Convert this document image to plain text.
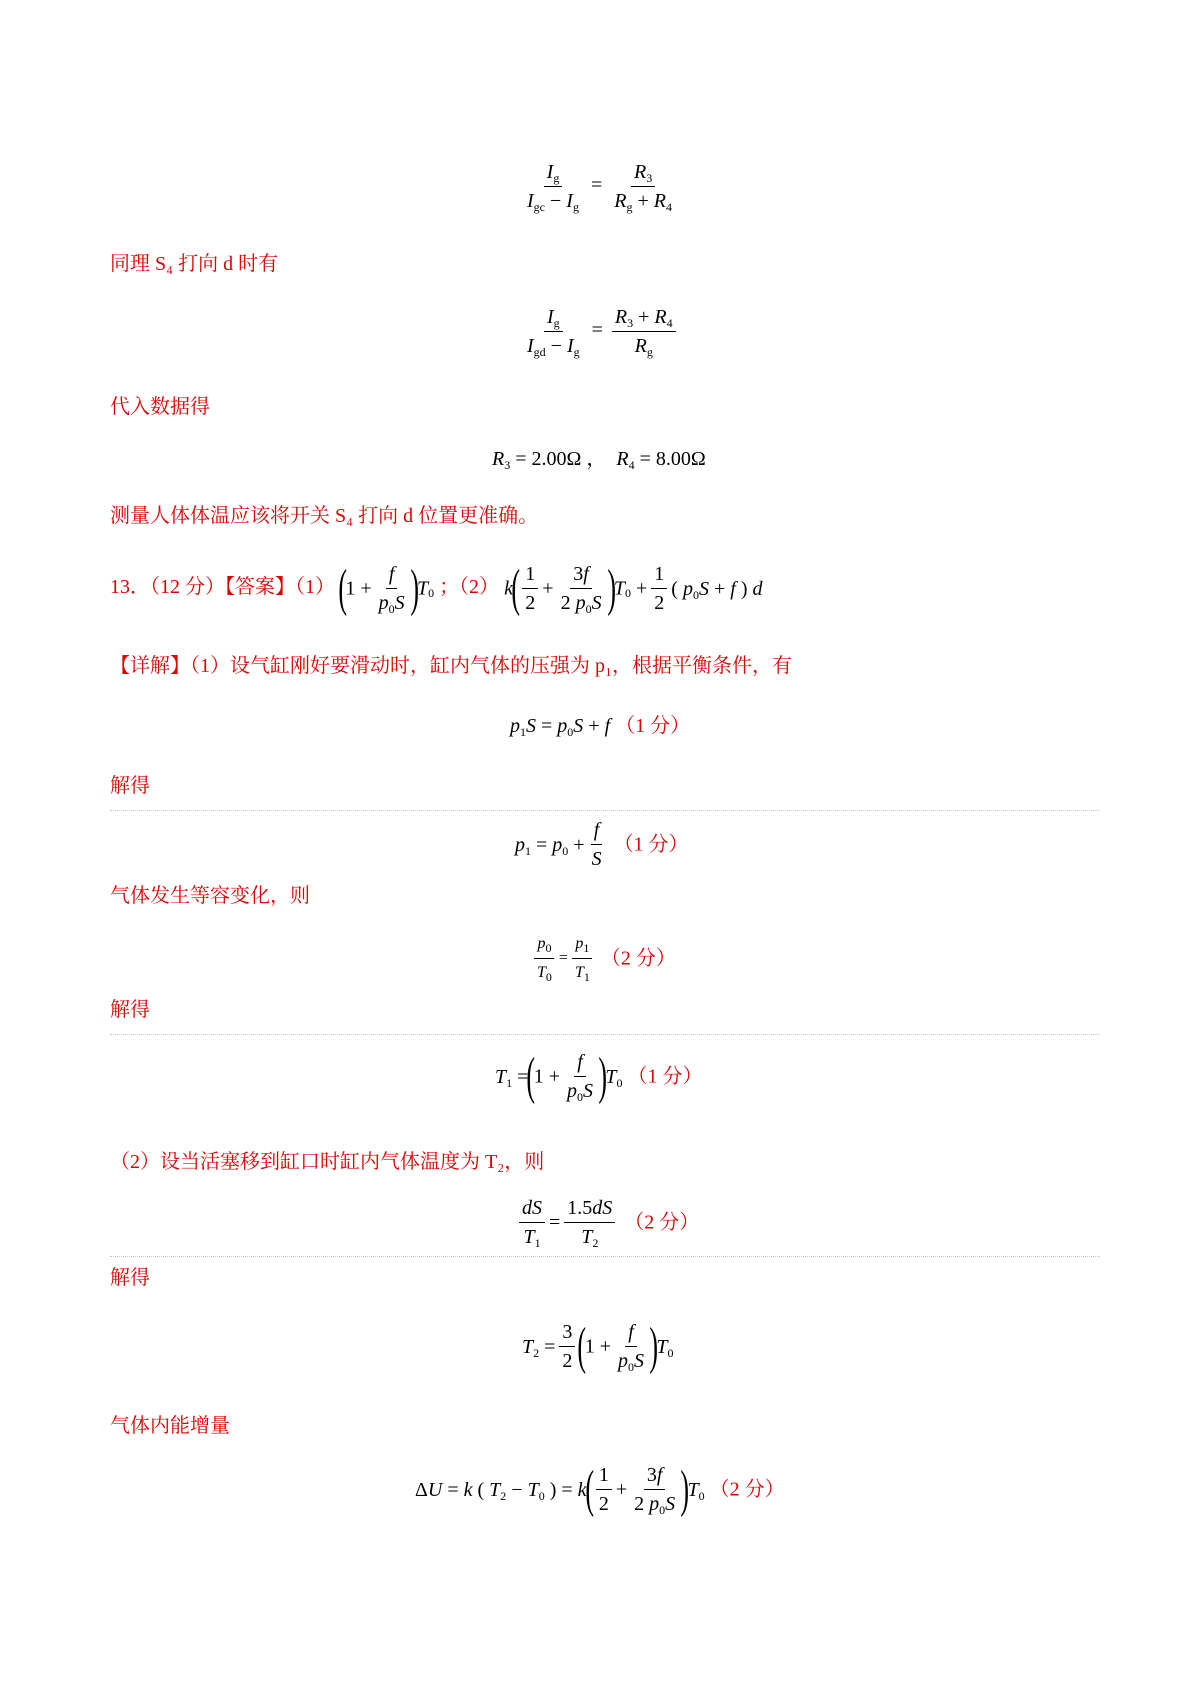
$\frac{I_g}{I_{gc} - I_g} = \frac{R_3}{R_g + R_4}$
同理 S₄ 打向 d 时有
$\frac{I_g}{I_{gd} - I_g} = \frac{R_3 + R_4}{R_g}$
代入数据得
$R_3 = 2.00\Omega$ ，  $R_4 = 8.00\Omega$
测量人体体温应该将开关 S₄ 打向 d 位置更准确。
13．（12 分）【答案】（1） $(1 + \frac{f}{p_0S} )T_0$ ；（2） $k( \frac{1}{2} + \frac{3f}{2 p_0S} )T_0 + \frac{1}{2}$ ( $p_0S + f$ ) d
【详解】（1）设气缸刚好要滑动时，缸内气体的压强为 p₁，根据平衡条件，有
$p_1S = p_0S + f$ （1 分）
解得
$p_1 = p_0 + \frac{f}{S} (1$ 分）
气体发生等容变化，则
$\frac{p_0}{T_0} = \frac{p_1}{T_1} (2$ 分）
解得
$T_1 =(1 + \frac{f}{p_0S} )T_0$ （1 分）
（2）设当活塞移到缸口时缸内气体温度为 T₂，则
$\frac{dS}{T_1} = \frac{1.5dS}{T_2} (2$ 分）
解得
$T_2 = \frac{3}{2} (1 + \frac{f}{p_0S} )T_0$
气体内能增量
ΔU = k ( $T_2 - T_0$ ) = $k( \frac{1}{2} + \frac{3f}{2 p_0S} )T_0$ （2 分）
